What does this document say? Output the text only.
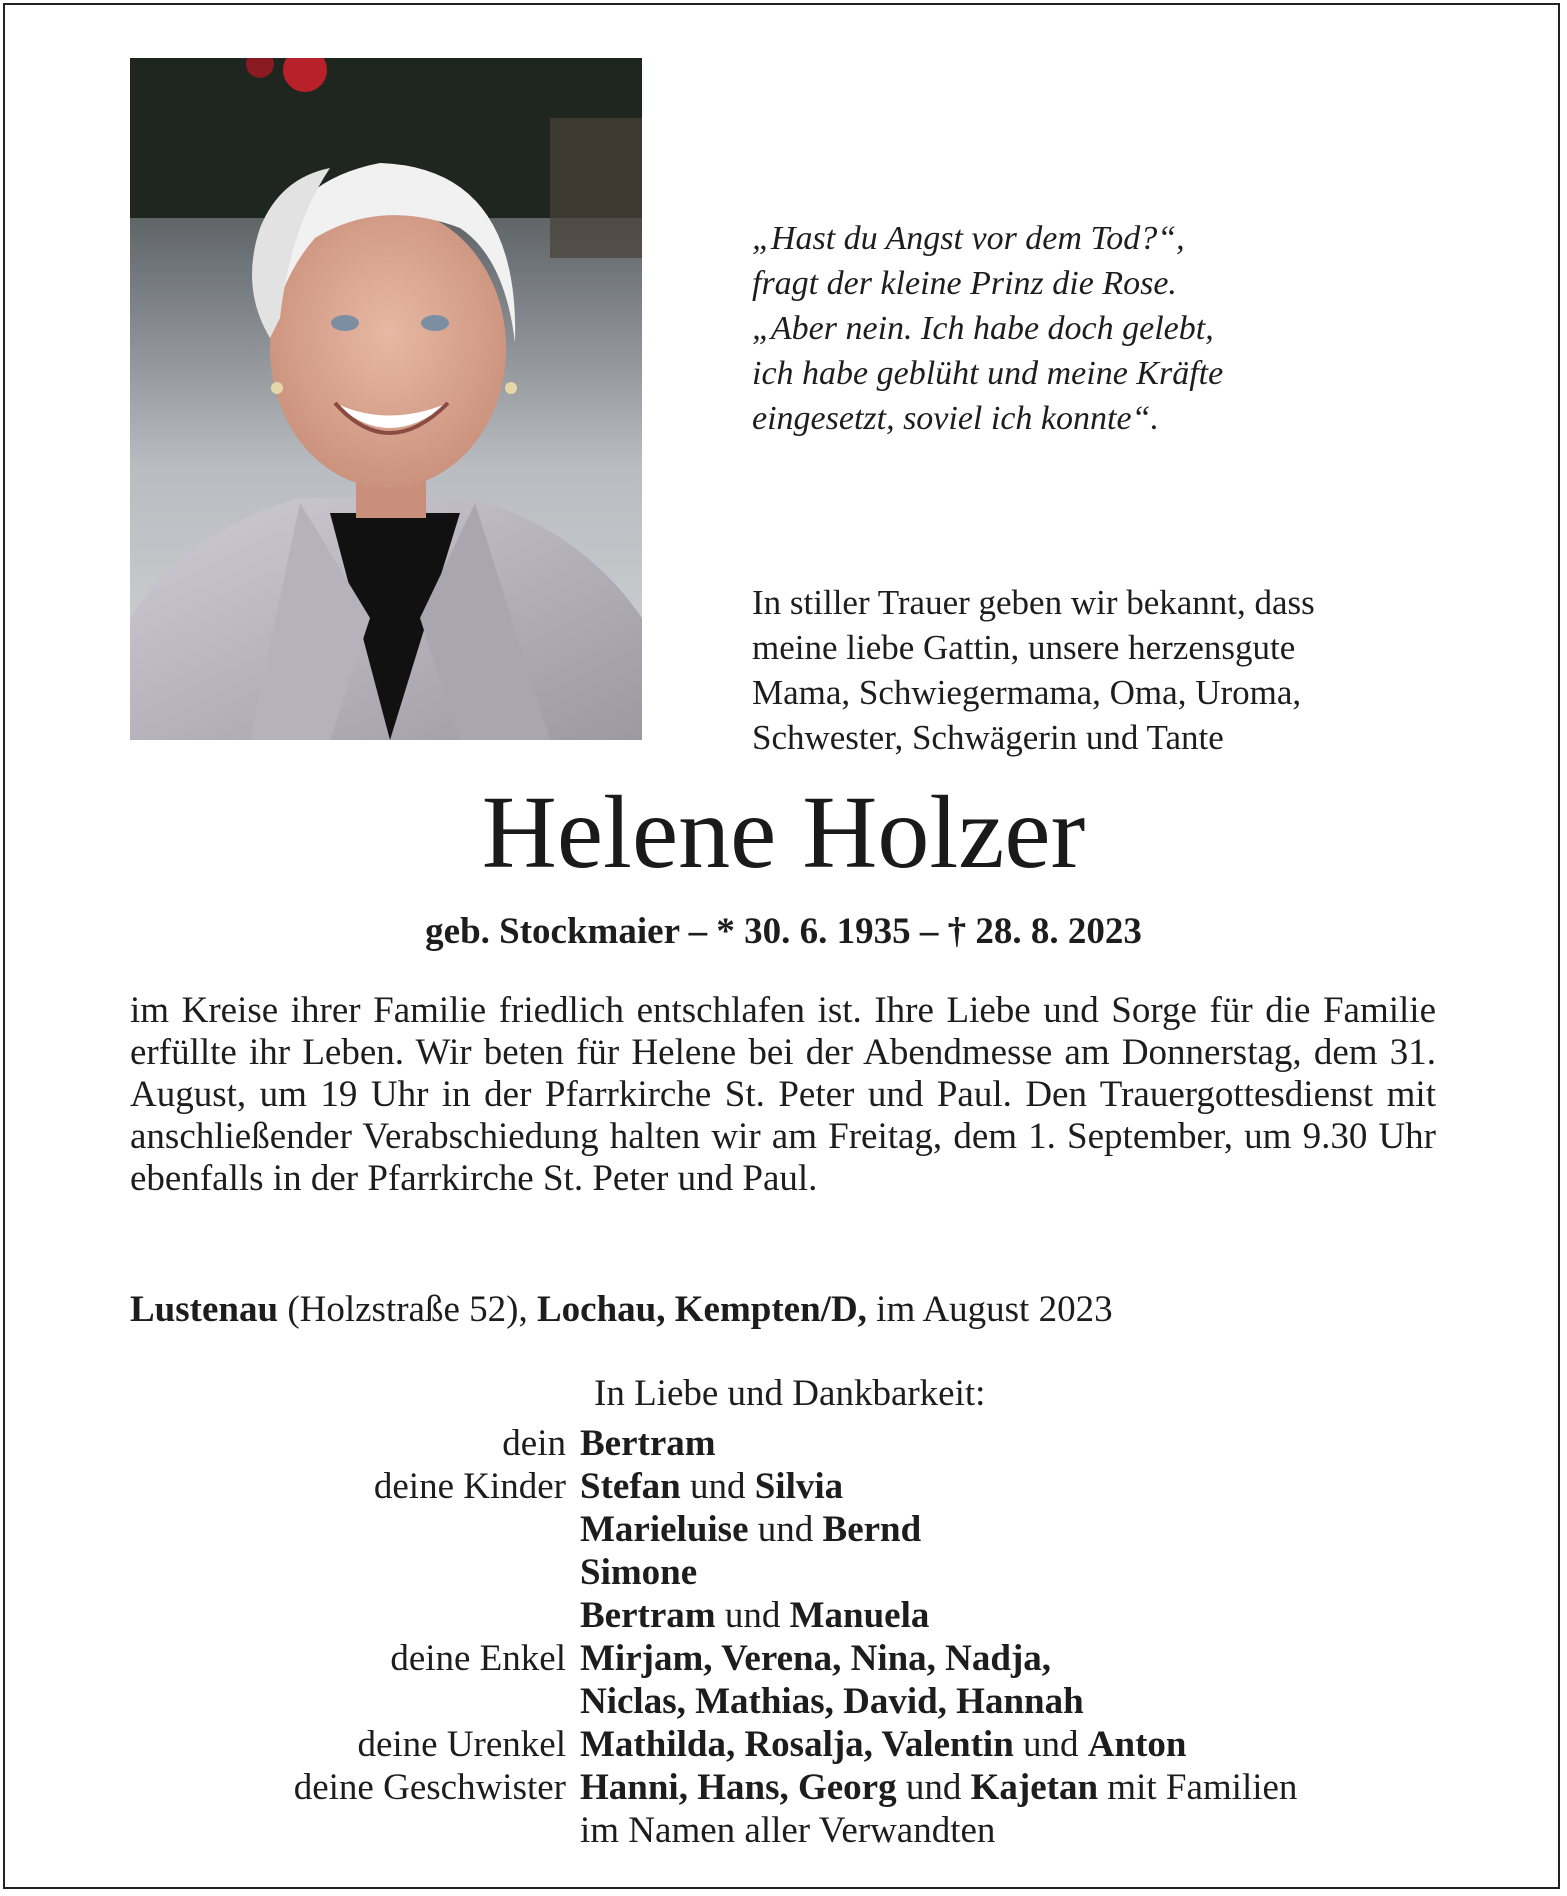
„Hast du Angst vor dem Tod?“,
fragt der kleine Prinz die Rose.
„Aber nein. Ich habe doch gelebt,
ich habe geblüht und meine Kräfte
eingesetzt, soviel ich konnte“.
In stiller Trauer geben wir bekannt, dass
meine liebe Gattin, unsere herzensgute
Mama, Schwiegermama, Oma, Uroma,
Schwester, Schwägerin und Tante
Helene Holzer
geb. Stockmaier – * 30. 6. 1935 – † 28. 8. 2023
im Kreise ihrer Familie friedlich entschlafen ist. Ihre Liebe und Sorge für die Familie erfüllte ihr Leben. Wir beten für Helene bei der Abendmesse am Donnerstag, dem 31. August, um 19 Uhr in der Pfarrkirche St. Peter und Paul. Den Trauergottesdienst mit anschließender Verabschiedung halten wir am Freitag, dem 1. September, um 9.30 Uhr ebenfalls in der Pfarrkirche St. Peter und Paul.
Lustenau (Holzstraße 52), Lochau, Kempten/D, im August 2023
In Liebe und Dankbarkeit:
dein Bertram
deine Kinder Stefan und Silvia
Marieluise und Bernd
Simone
Bertram und Manuela
deine Enkel Mirjam, Verena, Nina, Nadja,
Niclas, Mathias, David, Hannah
deine Urenkel Mathilda, Rosalja, Valentin und Anton
deine Geschwister Hanni, Hans, Georg und Kajetan mit Familien
im Namen aller Verwandten
